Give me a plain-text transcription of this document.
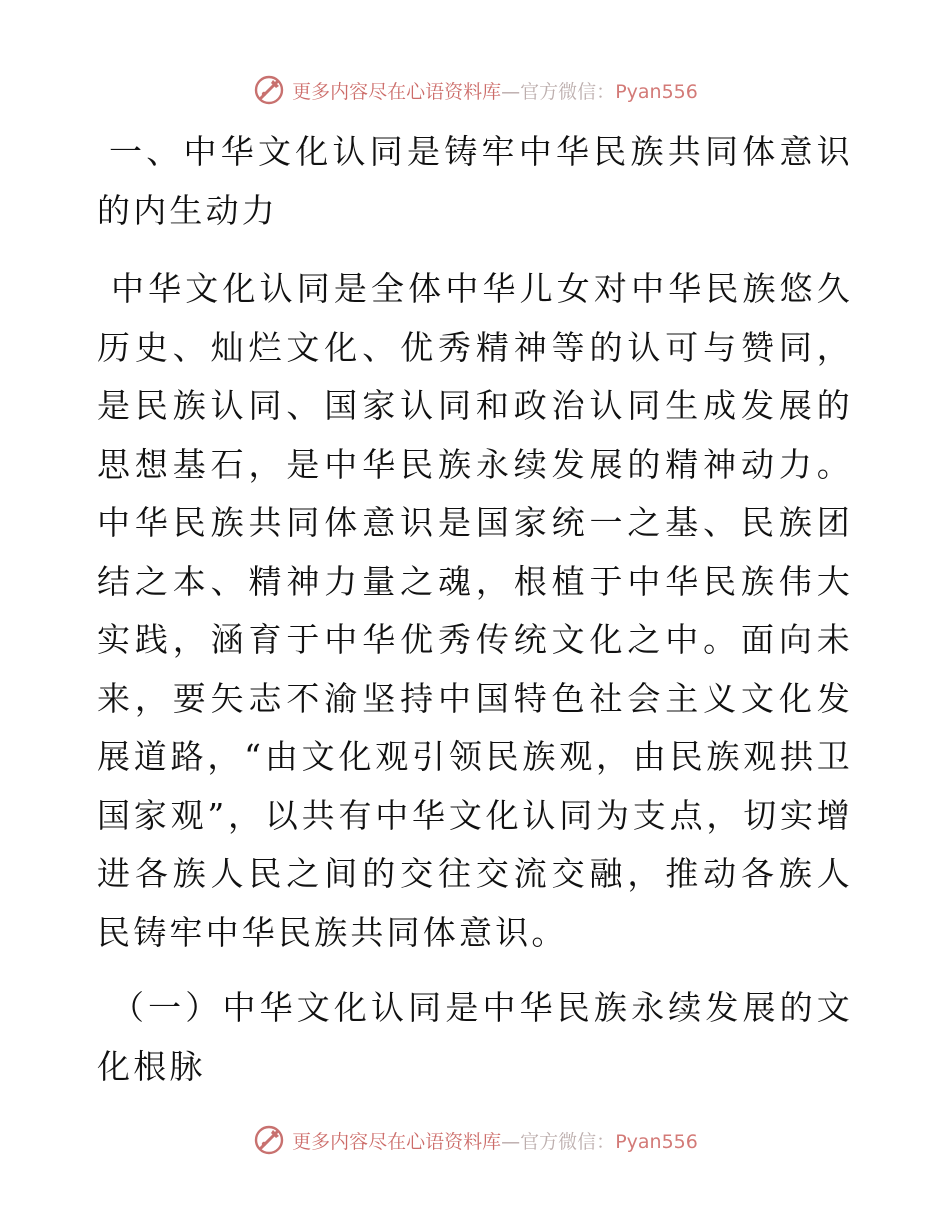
更多内容尽在心语资料库—官方微信：Pyan556

一、中华文化认同是铸牢中华民族共同体意识的内生动力

中华文化认同是全体中华儿女对中华民族悠久历史、灿烂文化、优秀精神等的认可与赞同，是民族认同、国家认同和政治认同生成发展的思想基石，是中华民族永续发展的精神动力。中华民族共同体意识是国家统一之基、民族团结之本、精神力量之魂，根植于中华民族伟大实践，涵育于中华优秀传统文化之中。面向未来，要矢志不渝坚持中国特色社会主义文化发展道路，“由文化观引领民族观，由民族观拱卫国家观”，以共有中华文化认同为支点，切实增进各族人民之间的交往交流交融，推动各族人民铸牢中华民族共同体意识。

（一）中华文化认同是中华民族永续发展的文化根脉

更多内容尽在心语资料库—官方微信：Pyan556
